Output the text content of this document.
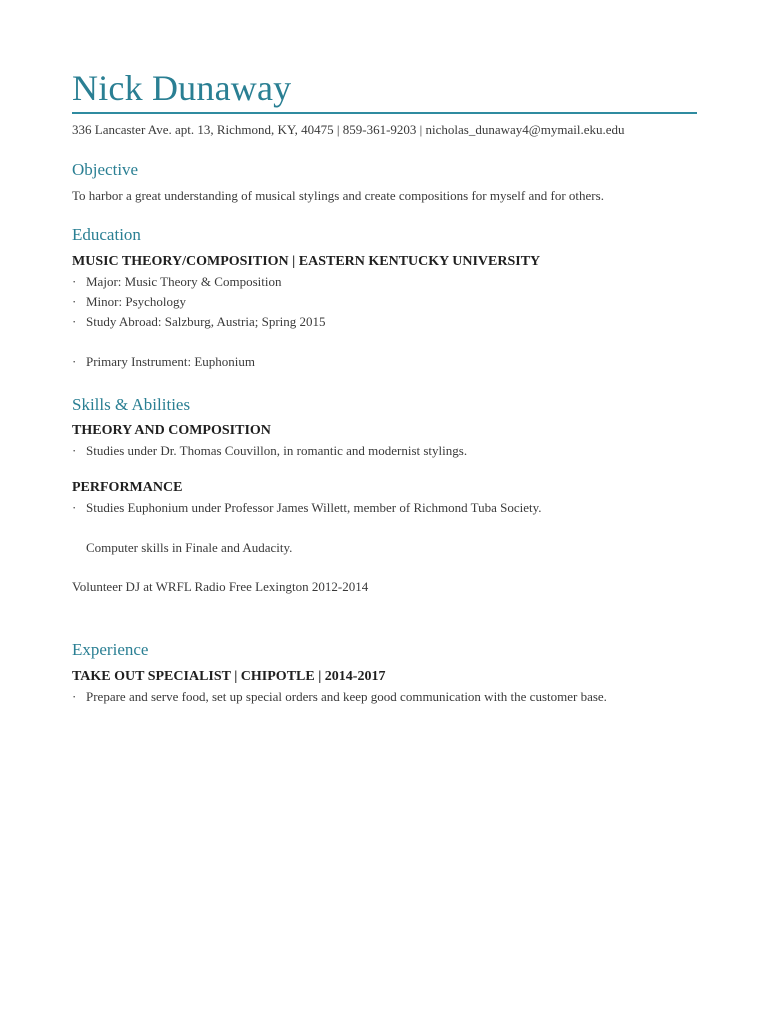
Nick Dunaway
336 Lancaster Ave. apt. 13, Richmond, KY, 40475 | 859-361-9203 | nicholas_dunaway4@mymail.eku.edu
Objective
To harbor a great understanding of musical stylings and create compositions for myself and for others.
Education
MUSIC THEORY/COMPOSITION | EASTERN KENTUCKY UNIVERSITY
· Major: Music Theory & Composition
· Minor: Psychology
· Study Abroad: Salzburg, Austria; Spring 2015
· Primary Instrument: Euphonium
Skills & Abilities
THEORY AND COMPOSITION
· Studies under Dr. Thomas Couvillon, in romantic and modernist stylings.
PERFORMANCE
· Studies Euphonium under Professor James Willett, member of Richmond Tuba Society.
Computer skills in Finale and Audacity.
Volunteer DJ at WRFL Radio Free Lexington 2012-2014
Experience
TAKE OUT SPECIALIST | CHIPOTLE | 2014-2017
· Prepare and serve food, set up special orders and keep good communication with the customer base.
